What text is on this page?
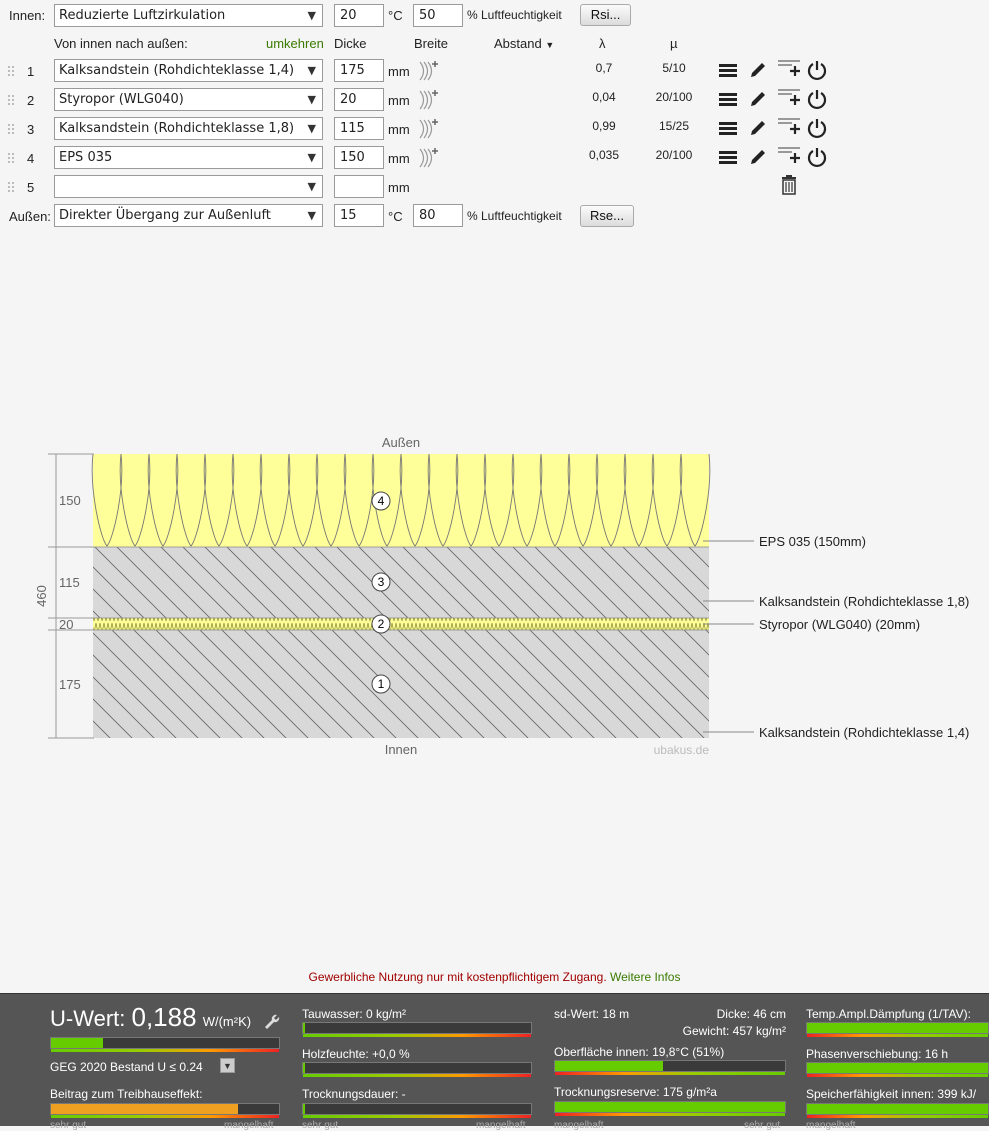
Innen:	Reduzierte Luftzirkulation	▼	20	°C	50	% Luftfeuchtigkeit	Rsi...
Von innen nach außen:	umkehren Dicke	Breite	Abstand ▼	λ	µ
1	Kalksandstein (Rohdichteklasse 1,4) ▼	175	mm	0,7	5/10
2	Styropor (WLG040)	▼	20	mm	0,04	20/100
3	Kalksandstein (Rohdichteklasse 1,8) ▼	115	mm	0,99	15/25
4	EPS 035	▼	150	mm	0,035	20/100
5	▼	mm
Außen: Direkter Übergang zur Außenluft	▼	15	°C	80	% Luftfeuchtigkeit	Rse...
150
115
20
175
460
Außen
Innen	ubakus.de
4
3
2
1
EPS 035 (150mm)
Kalksandstein (Rohdichteklasse 1,8)
Styropor (WLG040) (20mm)
Kalksandstein (Rohdichteklasse 1,4)
Gewerbliche Nutzung nur mit kostenpflichtigem Zugang. Weitere Infos
U-Wert: 0,188 W/(m²K)
GEG 2020 Bestand U ≤ 0.24	▼
Beitrag zum Treibhauseffekt:
sehr gut	mangelhaft
Tauwasser: 0 kg/m²
Holzfeuchte: +0,0 %
Trocknungsdauer: -
sehr gut	mangelhaft
sd-Wert: 18 m	Dicke: 46 cm
Gewicht: 457 kg/m²
Oberfläche innen: 19,8°C (51%)
Trocknungsreserve: 175 g/m²a
mangelhaft	sehr gut
Temp.Ampl.Dämpfung (1/TAV):
Phasenverschiebung: 16 h
Speicherfähigkeit innen: 399 kJ/
mangelhaft
